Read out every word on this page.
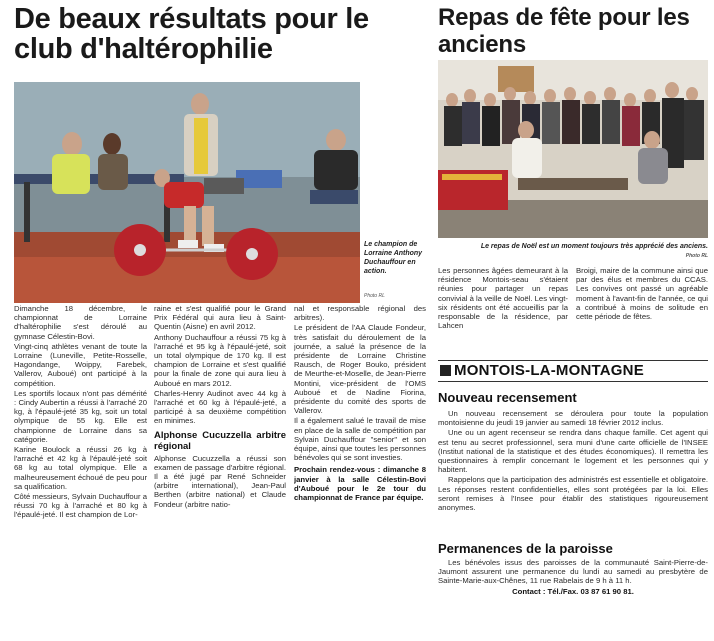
De beaux résultats pour le club d'haltérophilie
Le champion de Lorraine Anthony Duchauffour en action.
Photo RL

Dimanche 18 décembre, le championnat de Lorraine d'haltérophilie s'est déroulé au gymnase Célestin-Bovi.

Vingt-cinq athlètes venant de toute la Lorraine (Luneville, Petite-Rosselle, Hagondange, Woippy, Farebek, Vallerov, Auboué) ont participé à la compétition.

Les sportifs locaux n'ont pas démérité : Cindy Aubertin a réussi à l'arraché 20 kg, à l'épaulé-jeté 35 kg, soit un total olympique de 55 kg. Elle est championne de Lorraine dans sa catégorie.

Karine Boulock a réussi 26 kg à l'arraché et 42 kg à l'épaulé-jeté soit 68 kg au total olympique. Elle a malheureusement échoué de peu pour sa qualification.

Côté messieurs, Sylvain Duchauffour a réussi 70 kg à l'arraché et 80 kg à l'épaulé-jeté. Il est champion de Lor-

raine et s'est qualifié pour le Grand Prix Fédéral qui aura lieu à Saint-Quentin (Aisne) en avril 2012.

Anthony Duchauffour a réussi 75 kg à l'arraché et 95 kg à l'épaulé-jeté, soit un total olympique de 170 kg. Il est champion de Lorraine et s'est qualifié pour la finale de zone qui aura lieu à Auboué en mars 2012.

Charles-Henry Audinot avec 44 kg à l'arraché et 60 kg à l'épaulé-jeté, a participé à sa deuxième compétition en minimes.

Alphonse Cucuzzella arbitre régional

Alphonse Cucuzzella a réussi son examen de passage d'arbitre régional. Il a été jugé par René Schneider (arbitre international), Jean-Paul Berthen (arbitre national) et Claude Fondeur (arbitre natio-

nal et responsable régional des arbitres).

Le président de l'AA Claude Fondeur, très satisfait du déroulement de la journée, a salué la présence de la présidente de Lorraine Christine Rausch, de Roger Bouko, président de Meurthe-et-Moselle, de Jean-Pierre Montini, vice-président de l'OMS Auboué et de Nadine Fiorina, présidente du comité des sports de Vallerov.

Il a également salué le travail de mise en place de la salle de compétition par Sylvain Duchauffour "senior" et son équipe, ainsi que toutes les personnes bénévoles qui se sont investies.

Prochain rendez-vous : dimanche 8 janvier à la salle Célestin-Bovi d'Auboué pour le 2e tour du championnat de France par équipe.

Repas de fête pour les anciens
Le repas de Noël est un moment toujours très apprécié des anciens. Photo RL
Les personnes âgées demeurant à la résidence Montois-seau s'étaient réunies pour partager un repas convivial à la veille de Noël. Les vingt-six résidents ont été accueillis par la responsable de la résidence, par Lahcen
Broigi, maire de la commune ainsi que par des élus et membres du CCAS. Les convives ont passé un agréable moment à l'avant-fin de l'année, ce qui a contribué à moins de solitude en cette période de fêtes.
MONTOIS-LA-MONTAGNE
Nouveau recensement

Un nouveau recensement se déroulera pour toute la population montoisienne du jeudi 19 janvier au samedi 18 février 2012 inclus.

Une ou un agent recenseur se rendra dans chaque famille. Cet agent qui est tenu au secret professionnel, sera muni d'une carte officielle de l'INSEE (Institut national de la statistique et des études économiques). Il remettra les questionnaires à remplir concernant le logement et les personnes qui y habitent.

Rappelons que la participation des administrés est essentielle et obligatoire. Les réponses restent confidentielles, elles sont protégées par la loi. Elles seront remises à l'Insee pour établir des statistiques rigoureusement anonymes.

Permanences de la paroisse

Les bénévoles issus des paroisses de la communauté Saint-Pierre-de-Jaumont assurent une permanence du lundi au samedi au presbytère de Sainte-Marie-aux-Chênes, 11 rue Rabelais de 9 h à 11 h.

Contact : Tél./Fax. 03 87 61 90 81.
